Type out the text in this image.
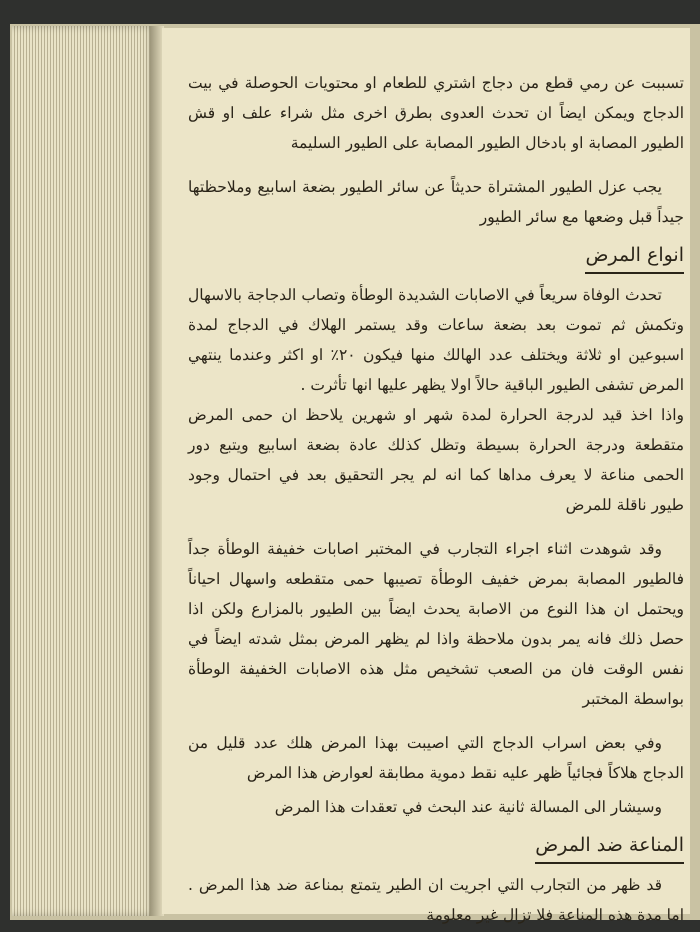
تسببت عن رمي قطع من دجاج اشتري للطعام او محتويات الحوصلة في بيت الدجاج ويمكن ايضاً ان تحدث العدوى بطرق اخرى مثل شراء علف او قش الطيور المصابة او بادخال الطيور المصابة على الطيور السليمة

يجب عزل الطيور المشتراة حديثاً عن سائر الطيور بضعة اسابيع وملاحظتها جيداً قبل وضعها مع سائر الطيور

انواع المرض

تحدث الوفاة سريعاً في الاصابات الشديدة الوطأة وتصاب الدجاجة بالاسهال وتكمش ثم تموت بعد بضعة ساعات وقد يستمر الهلاك في الدجاج لمدة اسبوعين او ثلاثة ويختلف عدد الهالك منها فيكون ٢٠٪ او اكثر وعندما ينتهي المرض تشفى الطيور الباقية حالاً اولا يظهر عليها انها تأثرت .

واذا اخذ قيد لدرجة الحرارة لمدة شهر او شهرين يلاحظ ان حمى المرض متقطعة ودرجة الحرارة بسيطة وتظل كذلك عادة بضعة اسابيع ويتبع دور الحمى مناعة لا يعرف مداها كما انه لم يجر التحقيق بعد في احتمال وجود طيور ناقلة للمرض

وقد شوهدت اثناء اجراء التجارب في المختبر اصابات خفيفة الوطأة جداً فالطيور المصابة بمرض خفيف الوطأة تصيبها حمى متقطعه واسهال احياناً ويحتمل ان هذا النوع من الاصابة يحدث ايضاً بين الطيور بالمزارع ولكن اذا حصل ذلك فانه يمر بدون ملاحظة واذا لم يظهر المرض بمثل شدته ايضاً في نفس الوقت فان من الصعب تشخيص مثل هذه الاصابات الخفيفة الوطأة بواسطة المختبر

وفي بعض اسراب الدجاج التي اصيبت بهذا المرض هلك عدد قليل من الدجاج هلاكاً فجائياً ظهر عليه نقط دموية مطابقة لعوارض هذا المرض

وسيشار الى المسالة ثانية عند البحث في تعقدات هذا المرض

المناعة ضد المرض

قد ظهر من التجارب التي اجريت ان الطير يتمتع بمناعة ضد هذا المرض . اما مدة هذه المناعة فلا تزال غير معلومة
